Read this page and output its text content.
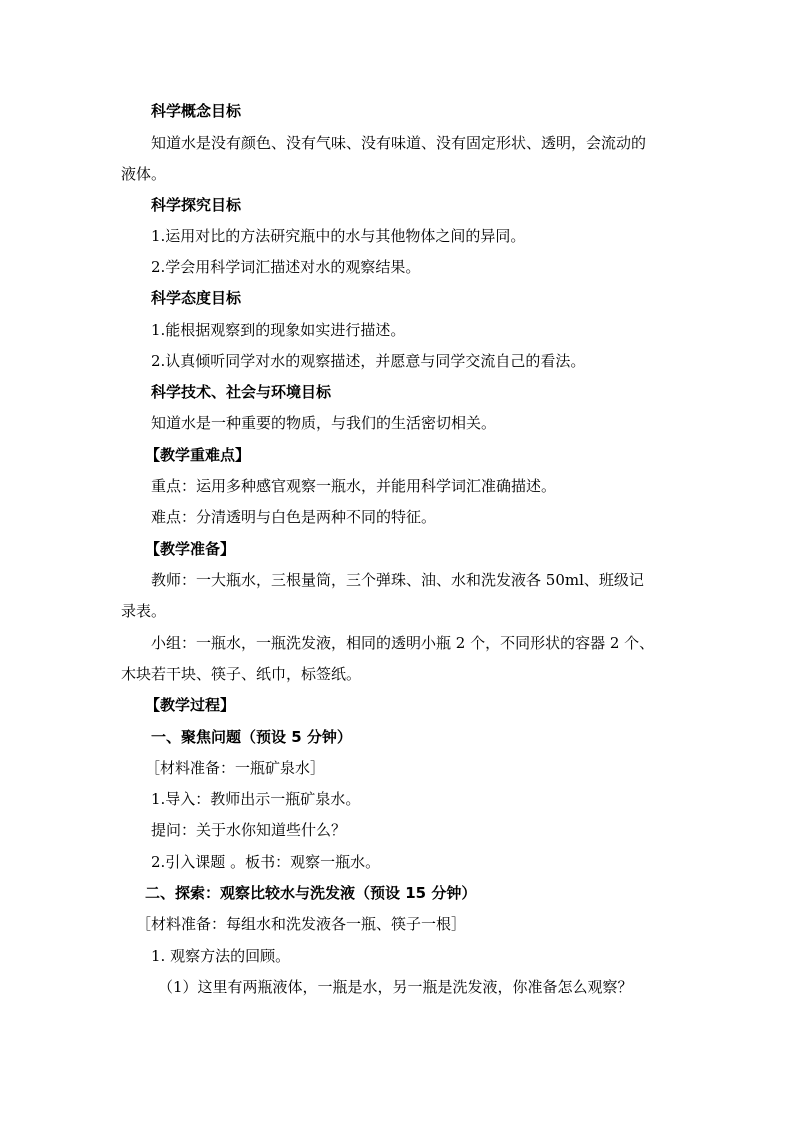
科学概念目标
知道水是没有颜色、没有气味、没有味道、没有固定形状、透明，会流动的
液体。
科学探究目标
1.运用对比的方法研究瓶中的水与其他物体之间的异同。
2.学会用科学词汇描述对水的观察结果。
科学态度目标
1.能根据观察到的现象如实进行描述。
2.认真倾听同学对水的观察描述，并愿意与同学交流自己的看法。
科学技术、社会与环境目标
知道水是一种重要的物质，与我们的生活密切相关。
【教学重难点】
重点：运用多种感官观察一瓶水，并能用科学词汇准确描述。
难点：分清透明与白色是两种不同的特征。
【教学准备】
教师：一大瓶水，三根量筒，三个弹珠、油、水和洗发液各 50ml、班级记
录表。
小组：一瓶水，一瓶洗发液，相同的透明小瓶 2 个，不同形状的容器 2 个、
木块若干块、筷子、纸巾，标签纸。
【教学过程】
一、聚焦问题（预设 5 分钟）
［材料准备：一瓶矿泉水］
1.导入：教师出示一瓶矿泉水。
提问：关于水你知道些什么？
2.引入课题 。板书：观察一瓶水。
二、探索：观察比较水与洗发液（预设 15 分钟）
［材料准备：每组水和洗发液各一瓶、筷子一根］
1. 观察方法的回顾。
（1）这里有两瓶液体，一瓶是水，另一瓶是洗发液，你准备怎么观察？
